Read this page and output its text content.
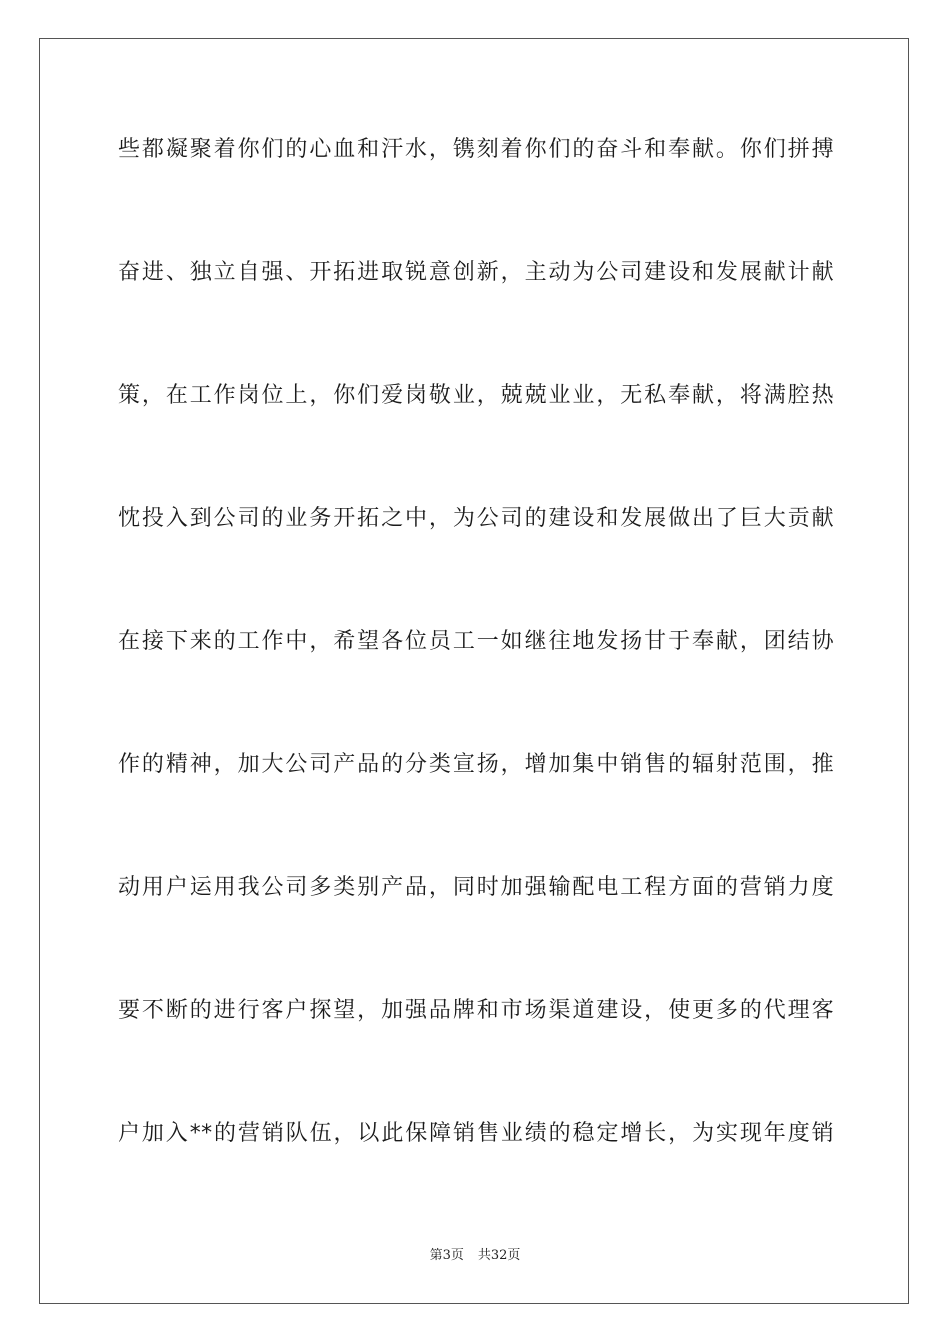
些都凝聚着你们的心血和汗水，镌刻着你们的奋斗和奉献。你们拼搏
奋进、独立自强、开拓进取锐意创新，主动为公司建设和发展献计献
策，在工作岗位上，你们爱岗敬业，兢兢业业，无私奉献，将满腔热
忱投入到公司的业务开拓之中，为公司的建设和发展做出了巨大贡献
在接下来的工作中，希望各位员工一如继往地发扬甘于奉献，团结协
作的精神，加大公司产品的分类宣扬，增加集中销售的辐射范围，推
动用户运用我公司多类别产品，同时加强输配电工程方面的营销力度
要不断的进行客户探望，加强品牌和市场渠道建设，使更多的代理客
户加入**的营销队伍，以此保障销售业绩的稳定增长，为实现年度销
第3页 共32页
